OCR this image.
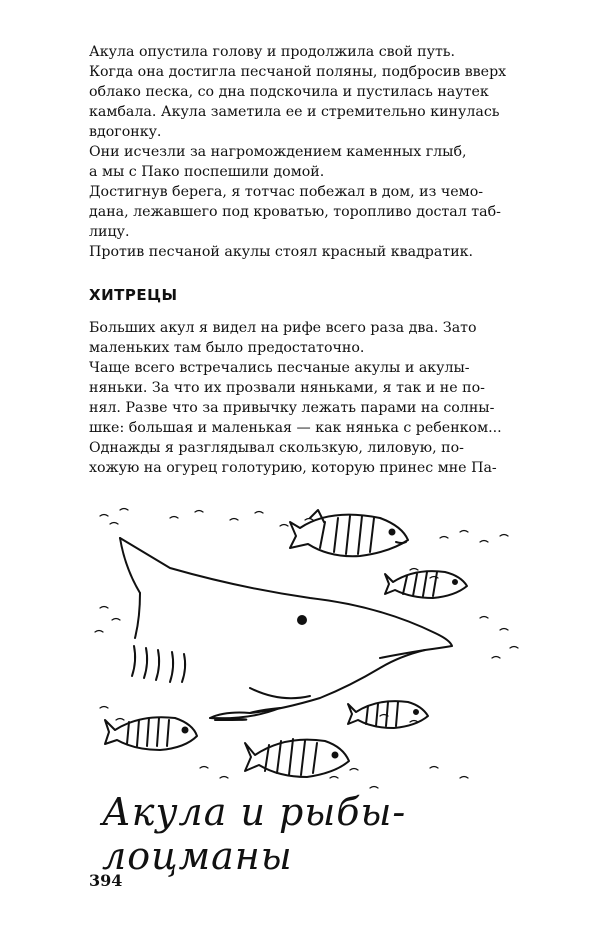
Акула опустила голову и продолжила свой путь.
Когда она достигла песчаной поляны, подбросив вверх
облако песка, со дна подскочила и пустилась наутек
камбала. Акула заметила ее и стремительно кинулась
вдогонку.
Они исчезли за нагромождением каменных глыб,
а мы с Пако поспешили домой.
Достигнув берега, я тотчас побежал в дом, из чемо-
дана, лежавшего под кроватью, торопливо достал таб-
лицу.
Против песчаной акулы стоял красный квадратик.
ХИТРЕЦЫ
Больших акул я видел на рифе всего раза два. Зато
маленьких там было предостаточно.
Чаще всего встречались песчаные акулы и акулы-
няньки. За что их прозвали няньками, я так и не по-
нял. Разве что за привычку лежать парами на солны-
шке: большая и маленькая — как нянька с ребенком...
Однажды я разглядывал скользкую, лиловую, по-
хожую на огурец голотурию, которую принес мне Па-
Акула и рыбы-лоцманы
394
